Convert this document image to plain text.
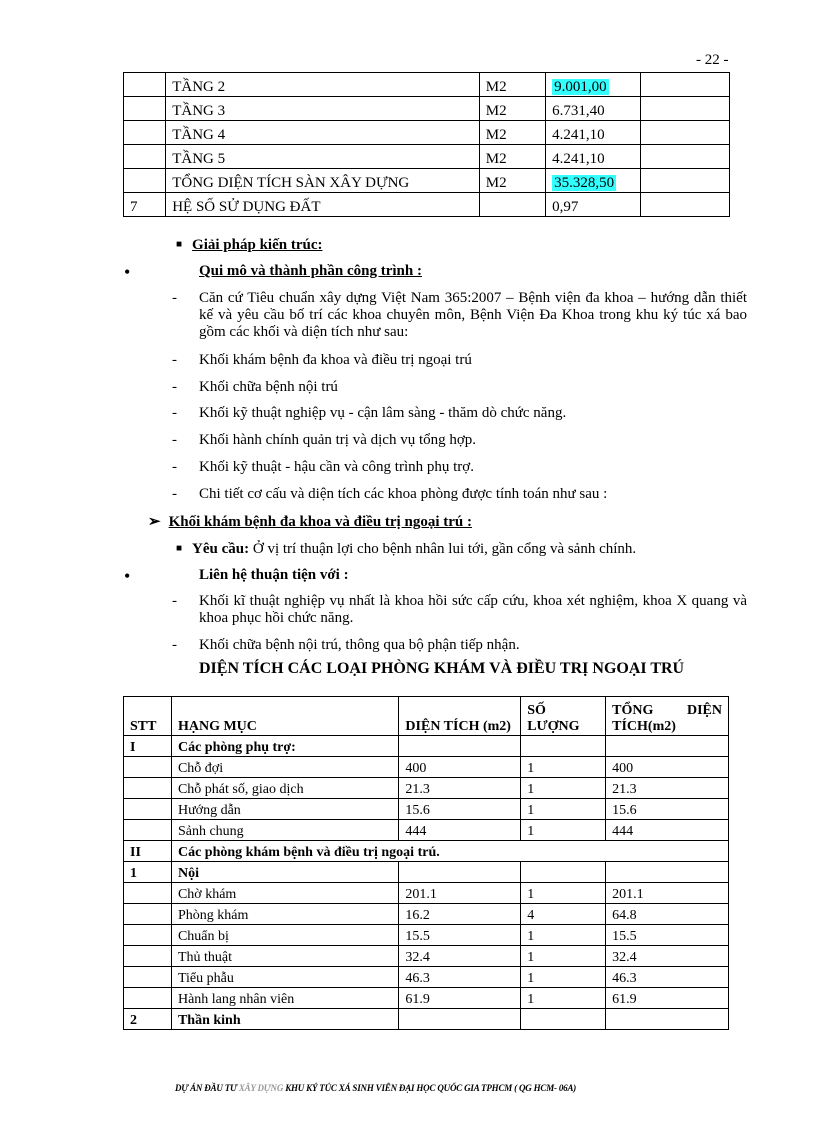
- 22 -
	TẦNG 2	M2	9.001,00	
	TẦNG 3	M2	6.731,40	
	TẦNG 4	M2	4.241,10	
	TẦNG 5	M2	4.241,10	
	TỔNG DIỆN TÍCH SÀN XÂY DỰNG	M2	35.328,50	
7	HỆ SỐ SỬ DỤNG ĐẤT		0,97	
■ Giải pháp kiến trúc:
•	Qui mô và thành phần công trình :
- Căn cứ Tiêu chuẩn xây dựng Việt Nam 365:2007 – Bệnh viện đa khoa – hướng dẫn thiết kế và yêu cầu bố trí các khoa chuyên môn, Bệnh Viện Đa Khoa trong khu ký túc xá bao gồm các khối và diện tích như sau:
- Khối khám bệnh đa khoa và điều trị ngoại trú
- Khối chữa bệnh nội trú
- Khối kỹ thuật nghiệp vụ - cận lâm sàng - thăm dò chức năng.
- Khối hành chính quản trị và dịch vụ tổng hợp.
- Khối kỹ thuật - hậu cần và công trình phụ trợ.
- Chi tiết cơ cấu và diện tích các khoa phòng được tính toán như sau :
➢ Khối khám bệnh đa khoa và điều trị ngoại trú :
■ Yêu cầu: Ở vị trí thuận lợi cho bệnh nhân lui tới, gần cổng và sảnh chính.
•	Liên hệ thuận tiện với :
- Khối kĩ thuật nghiệp vụ nhất là khoa hồi sức cấp cứu, khoa xét nghiệm, khoa X quang và khoa phục hồi chức năng.
- Khối chữa bệnh nội trú, thông qua bộ phận tiếp nhận.
DIỆN TÍCH CÁC LOẠI PHÒNG KHÁM VÀ ĐIỀU TRỊ NGOẠI TRÚ
STT	HẠNG MỤC	DIỆN TÍCH (m2)	SỐ LƯỢNG	TỔNG DIỆN TÍCH(m2)
I	Các phòng phụ trợ:			
	Chỗ đợi	400	1	400
	Chỗ phát số, giao dịch	21.3	1	21.3
	Hướng dẫn	15.6	1	15.6
	Sảnh chung	444	1	444
II	Các phòng khám bệnh và điều trị ngoại trú.			
1	Nội			
	Chờ khám	201.1	1	201.1
	Phòng khám	16.2	4	64.8
	Chuẩn bị	15.5	1	15.5
	Thủ thuật	32.4	1	32.4
	Tiểu phẫu	46.3	1	46.3
	Hành lang nhân viên	61.9	1	61.9
2	Thần kinh			
DỰ ÁN ĐẦU TƯ XÂY DỰNG KHU KÝ TÚC XÁ SINH VIÊN ĐẠI HỌC QUỐC GIA TPHCM ( QG HCM- 06A)
